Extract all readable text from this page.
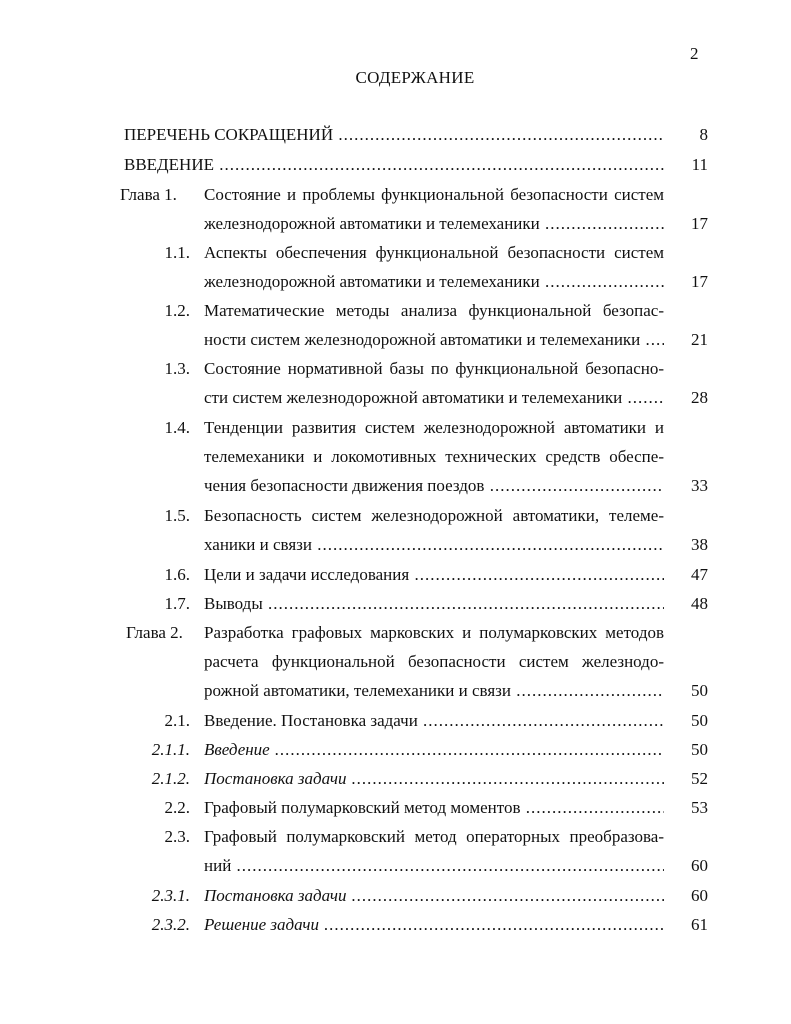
2
СОДЕРЖАНИЕ
ПЕРЕЧЕНЬ СОКРАЩЕНИЙ .....	8
ВВЕДЕНИЕ .....	11
Глава 1.	Состояние и проблемы функциональной безопасности систем
железнодорожной автоматики и телемеханики .....	17
1.1. Аспекты обеспечения функциональной безопасности систем
железнодорожной автоматики и телемеханики .....	17
1.2. Математические методы анализа функциональной безопас-
ности систем железнодорожной автоматики и телемеханики .....	21
1.3. Состояние нормативной базы по функциональной безопасно-
сти систем железнодорожной автоматики и телемеханики .....	28
1.4. Тенденции развития систем железнодорожной автоматики и
телемеханики и локомотивных технических средств обеспе-
чения безопасности движения поездов .....	33
1.5. Безопасность систем железнодорожной автоматики, телеме-
ханики и связи .....	38
1.6. Цели и задачи исследования .....	47
1.7. Выводы .....	48
Глава 2.	Разработка графовых марковских и полумарковских методов
расчета функциональной безопасности систем железнодо-
рожной автоматики, телемеханики и связи .....	50
2.1. Введение. Постановка задачи .....	50
2.1.1. Введение .....	50
2.1.2. Постановка задачи .....	52
2.2. Графовый полумарковский метод моментов .....	53
2.3. Графовый полумарковский метод операторных преобразова-
ний .....	60
2.3.1. Постановка задачи .....	60
2.3.2. Решение задачи .....	61
